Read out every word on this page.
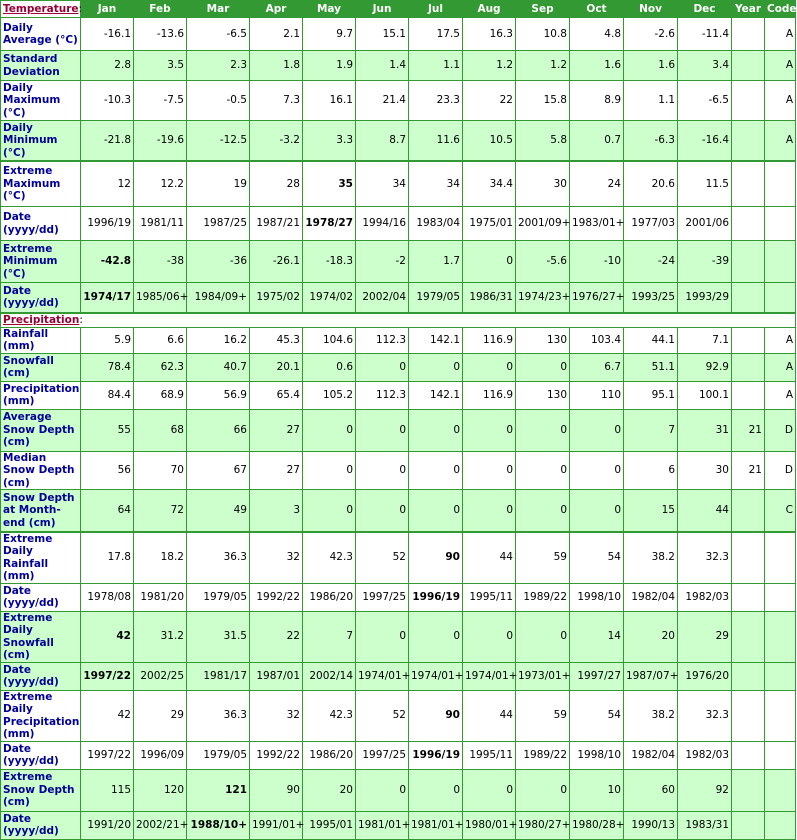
Temperature:	Jan	Feb	Mar	Apr	May	Jun	Jul	Aug	Sep	Oct	Nov	Dec	Year	Code
Daily Average (°C)	-16.1	-13.6	-6.5	2.1	9.7	15.1	17.5	16.3	10.8	4.8	-2.6	-11.4		A
Standard Deviation	2.8	3.5	2.3	1.8	1.9	1.4	1.1	1.2	1.2	1.6	1.6	3.4		A
Daily Maximum (°C)	-10.3	-7.5	-0.5	7.3	16.1	21.4	23.3	22	15.8	8.9	1.1	-6.5		A
Daily Minimum (°C)	-21.8	-19.6	-12.5	-3.2	3.3	8.7	11.6	10.5	5.8	0.7	-6.3	-16.4		A
Extreme Maximum (°C)	12	12.2	19	28	35	34	34	34.4	30	24	20.6	11.5		
Date (yyyy/dd)	1996/19	1981/11	1987/25	1987/21	1978/27	1994/16	1983/04	1975/01	2001/09+	1983/01+	1977/03	2001/06		
Extreme Minimum (°C)	-42.8	-38	-36	-26.1	-18.3	-2	1.7	0	-5.6	-10	-24	-39		
Date (yyyy/dd)	1974/17	1985/06+	1984/09+	1975/02	1974/02	2002/04	1979/05	1986/31	1974/23+	1976/27+	1993/25	1993/29		
Precipitation:														
Rainfall (mm)	5.9	6.6	16.2	45.3	104.6	112.3	142.1	116.9	130	103.4	44.1	7.1		A
Snowfall (cm)	78.4	62.3	40.7	20.1	0.6	0	0	0	0	6.7	51.1	92.9		A
Precipitation (mm)	84.4	68.9	56.9	65.4	105.2	112.3	142.1	116.9	130	110	95.1	100.1		A
Average Snow Depth (cm)	55	68	66	27	0	0	0	0	0	0	7	31	21	D
Median Snow Depth (cm)	56	70	67	27	0	0	0	0	0	0	6	30	21	D
Snow Depth at Month-end (cm)	64	72	49	3	0	0	0	0	0	0	15	44		C
Extreme Daily Rainfall (mm)	17.8	18.2	36.3	32	42.3	52	90	44	59	54	38.2	32.3		
Date (yyyy/dd)	1978/08	1981/20	1979/05	1992/22	1986/20	1997/25	1996/19	1995/11	1989/22	1998/10	1982/04	1982/03		
Extreme Daily Snowfall (cm)	42	31.2	31.5	22	7	0	0	0	0	14	20	29		
Date (yyyy/dd)	1997/22	2002/25	1981/17	1987/01	2002/14	1974/01+	1974/01+	1974/01+	1973/01+	1997/27	1987/07+	1976/20		
Extreme Daily Precipitation (mm)	42	29	36.3	32	42.3	52	90	44	59	54	38.2	32.3		
Date (yyyy/dd)	1997/22	1996/09	1979/05	1992/22	1986/20	1997/25	1996/19	1995/11	1989/22	1998/10	1982/04	1982/03		
Extreme Snow Depth (cm)	115	120	121	90	20	0	0	0	0	10	60	92		
Date (yyyy/dd)	1991/20	2002/21+	1988/10+	1991/01+	1995/01	1981/01+	1981/01+	1980/01+	1980/27+	1980/28+	1990/13	1983/31		
